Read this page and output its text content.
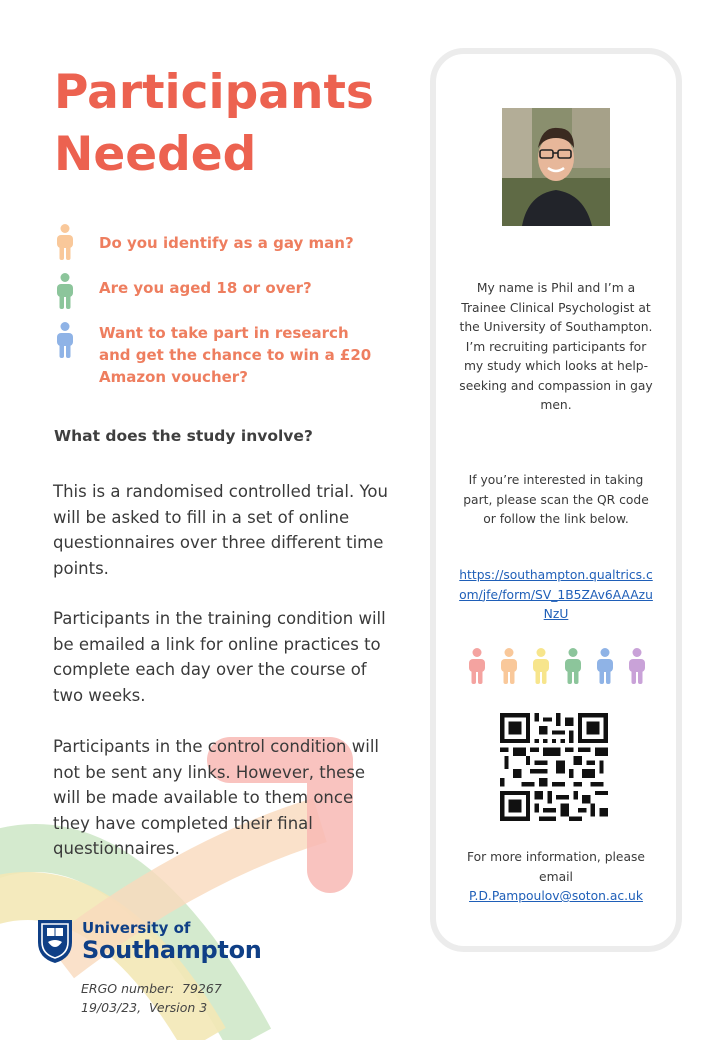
Participants
Needed
Do you identify as a gay man?
Are you aged 18 or over?
Want to take part in research and get the chance to win a £20 Amazon voucher?
What does the study involve?

This is a randomised controlled trial. You will be asked to fill in a set of online questionnaires over three different time points.

Participants in the training condition will be emailed a link for online practices to complete each day over the course of two weeks.

Participants in the control condition will not be sent any links. However, these will be made available to them once they have completed their final questionnaires.

My name is Phil and I’m a Trainee Clinical Psychologist at the University of Southampton. I’m recruiting participants for my study which looks at help-seeking and compassion in gay men.

If you’re interested in taking part, please scan the QR code or follow the link below.

https://southampton.qualtrics.com/jfe/form/SV_1B5ZAv6AAAzuNzU

For more information, please email
P.D.Pampoulov@soton.ac.uk

University of
Southampton
ERGO number:  79267
19/03/23,  Version 3
